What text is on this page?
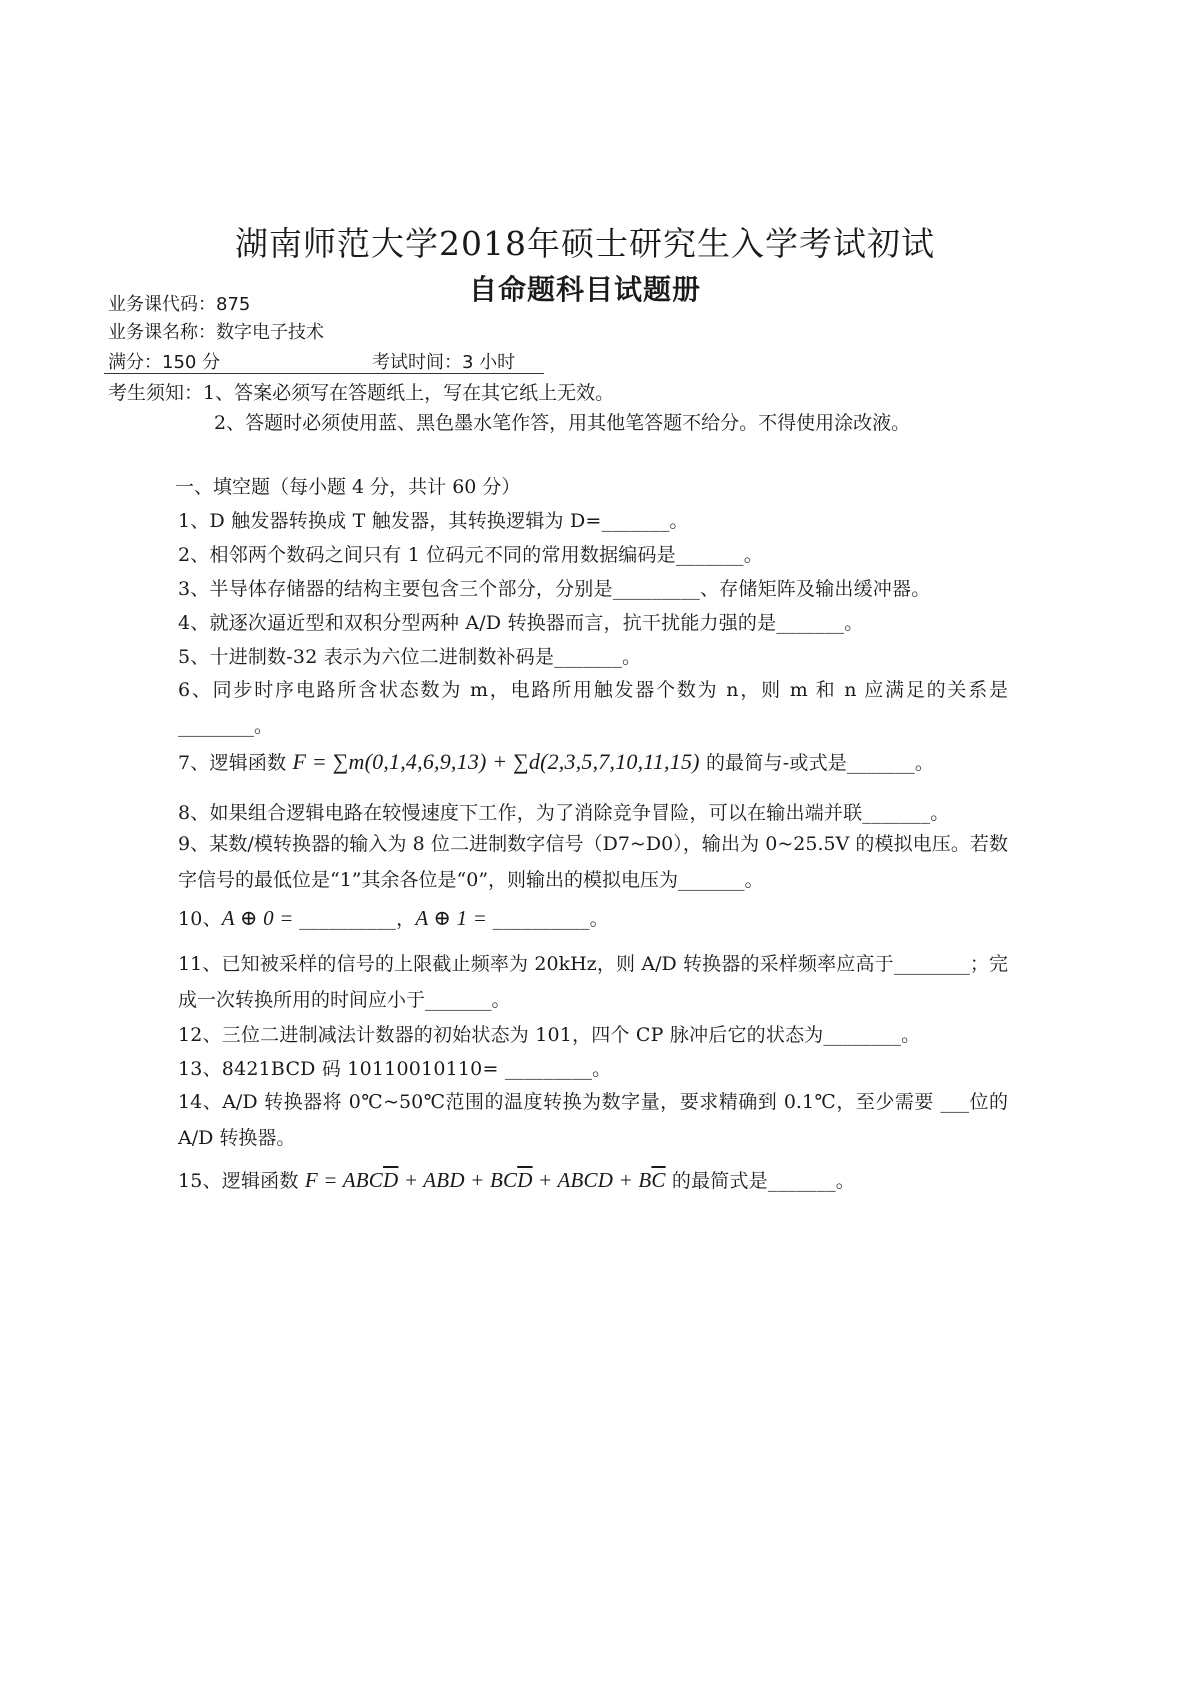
湖南师范大学2018年硕士研究生入学考试初试
自命题科目试题册
业务课代码：875
业务课名称：数字电子技术
满分：150 分	考试时间：3 小时
考生须知：1、答案必须写在答题纸上，写在其它纸上无效。
2、答题时必须使用蓝、黑色墨水笔作答，用其他笔答题不给分。不得使用涂改液。
一、填空题（每小题 4 分，共计 60 分）
1、D 触发器转换成 T 触发器，其转换逻辑为 D=_______。
2、相邻两个数码之间只有 1 位码元不同的常用数据编码是_______。
3、半导体存储器的结构主要包含三个部分，分别是_________、存储矩阵及输出缓冲器。
4、就逐次逼近型和双积分型两种 A/D 转换器而言，抗干扰能力强的是_______。
5、十进制数-32 表示为六位二进制数补码是_______。
6、同步时序电路所含状态数为 m，电路所用触发器个数为 n，则 m 和 n 应满足的关系是________。
7、逻辑函数 F = ∑m(0,1,4,6,9,13) + ∑d(2,3,5,7,10,11,15) 的最简与-或式是_______。
8、如果组合逻辑电路在较慢速度下工作，为了消除竞争冒险，可以在输出端并联_______。
9、某数/模转换器的输入为 8 位二进制数字信号（D7~D0），输出为 0~25.5V 的模拟电压。若数字信号的最低位是“1”其余各位是“0”，则输出的模拟电压为_______。
10、A ⊕ 0 = __________，A ⊕ 1 = __________。
11、已知被采样的信号的上限截止频率为 20kHz，则 A/D 转换器的采样频率应高于________；完成一次转换所用的时间应小于_______。
12、三位二进制减法计数器的初始状态为 101，四个 CP 脉冲后它的状态为________。
13、8421BCD 码 10110010110= _________。
14、A/D 转换器将 0℃~50℃范围的温度转换为数字量，要求精确到 0.1℃，至少需要 ___位的 A/D 转换器。
15、逻辑函数 $F = ABC\overline{D}$ + ABD + $BC\overline{D}$ + ABCD + $B\overline{C}$ 的最简式是_______。
